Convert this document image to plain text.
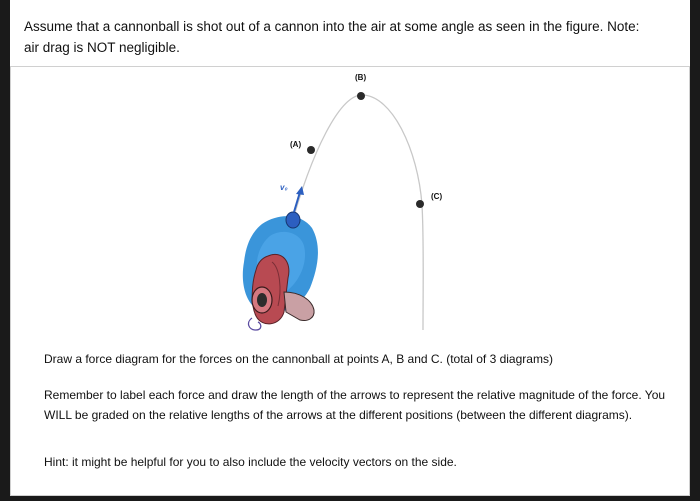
Assume that a cannonball is shot out of a cannon into the air at some angle as seen in the figure. Note:
air drag is NOT negligible.
(A)
(B)
(C)
v₀
Draw a force diagram for the forces on the cannonball at points A, B and C. (total of 3 diagrams)
Remember to label each force and draw the length of the arrows to represent the relative magnitude of the force. You WILL be graded on the relative lengths of the arrows at the different positions (between the different diagrams).
Hint: it might be helpful for you to also include the velocity vectors on the side.
